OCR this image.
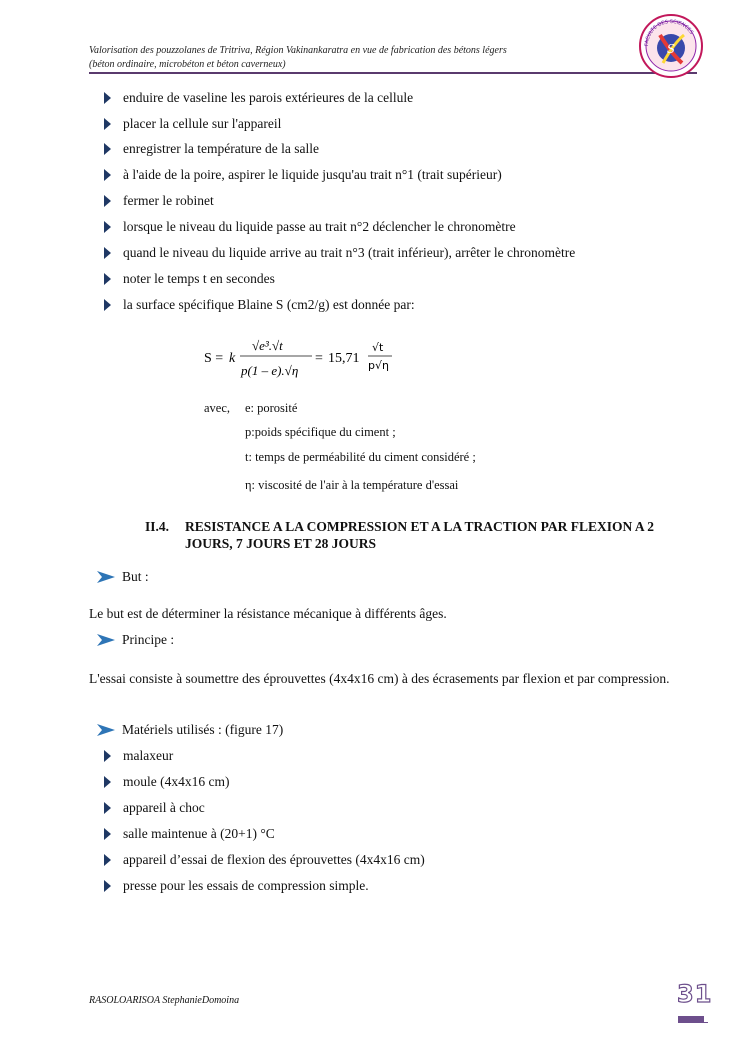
Valorisation des pouzzolanes de Tritriva, Région Vakinankaratra en vue de fabrication des bétons légers
(béton ordinaire, microbéton et béton caverneux)
S
FACULTE DES SCIENCES
enduire de vaseline les parois extérieures de la cellule
placer la cellule sur l'appareil
enregistrer la température de la salle
à l'aide de la poire, aspirer le liquide jusqu'au trait n°1 (trait supérieur)
fermer le robinet
lorsque le niveau du liquide passe au trait n°2 déclencher le chronomètre
quand le niveau du liquide arrive au trait n°3 (trait inférieur), arrêter le chronomètre
noter le temps t en secondes
la surface spécifique Blaine S (cm2/g) est donnée par:
S = k
√e³.√t
p(1 – e).√η
= 15,71
√t
p√η
avec, e: porosité
p:poids spécifique du ciment ;
t: temps de perméabilité du ciment considéré ;
η: viscosité de l'air à la température d'essai
II.4. RESISTANCE A LA COMPRESSION ET A LA TRACTION PAR FLEXION A 2 JOURS, 7 JOURS ET 28 JOURS
But :
Le but est de déterminer la résistance mécanique à différents âges.
Principe :
L'essai consiste à soumettre des éprouvettes (4x4x16 cm) à des écrasements par flexion et par compression.
Matériels utilisés : (figure 17)
malaxeur
moule (4x4x16 cm)
appareil à choc
salle maintenue à (20+1) °C
appareil d’essai de flexion des éprouvettes (4x4x16 cm)
presse pour les essais de compression simple.
RASOLOARISOA StephanieDomoina	31
